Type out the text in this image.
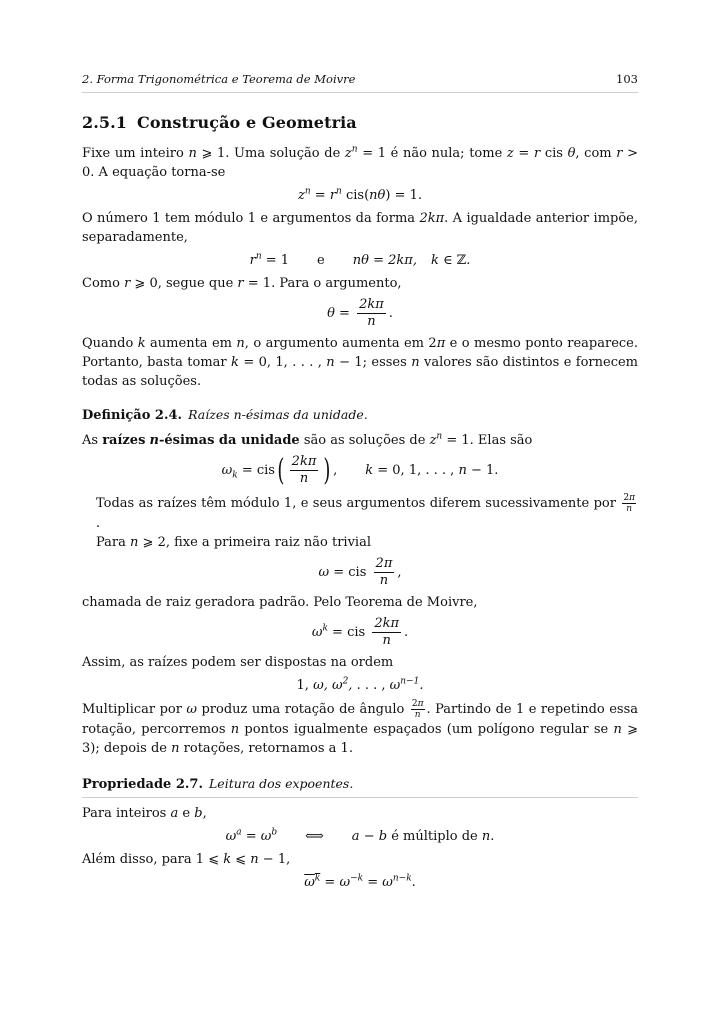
2. Forma Trigonométrica e Teorema de Moivre	103
2.5.1 Construção e Geometria

Fixe um inteiro n ⩾ 1. Uma solução de $z^n = 1$ é não nula; tome z = r cis θ, com r > 0. A equação torna-se

$z^n = r^n$ cis(nθ) = 1.

O número 1 tem módulo 1 e argumentos da forma 2kπ. A igualdade anterior impõe, separadamente,

$r^n = 1$ e nθ = 2kπ, k ∈ ℤ.

Como r ⩾ 0, segue que r = 1. Para o argumento,

$\theta = \frac{2k\pi}{n}$ .

Quando k aumenta em n, o argumento aumenta em 2π e o mesmo ponto reaparece. Portanto, basta tomar k = 0, 1, . . . , n − 1; esses n valores são distintos e fornecem todas as soluções.

Definição 2.4. Raízes n-ésimas da unidade.

As raízes n-ésimas da unidade são as soluções de $z^n = 1$. Elas são

$\omega_k = cis( \frac{2k\pi}{n}$ ) , k = 0, 1, . . . , n − 1.

Todas as raízes têm módulo 1, e seus argumentos diferem sucessivamente por $\frac{2\pi}{n}$
.

Para n ⩾ 2, fixe a primeira raiz não trivial

ω = cis $\frac{2\pi}{n}$ ,

chamada de raiz geradora padrão. Pelo Teorema de Moivre,

$\omega^k$ = cis $\frac{2k\pi}{n}$ .

Assim, as raízes podem ser dispostas na ordem

1, ω, $\omega^2$, . . . , $\omega^{n-1}$.

Multiplicar por ω produz uma rotação de ângulo $\frac{2\pi}{n}$ . Partindo de 1 e repetindo essa rotação, percorremos n pontos igualmente espaçados (um polígono regular se n ⩾ 3); depois de n rotações, retornamos a 1.

Propriedade 2.7. Leitura dos expoentes.

Para inteiros a e b,

$\omega^a = \omega^b$ ⟺ a − b é múltiplo de n.

Além disso, para 1 ⩽ k ⩽ n − 1,

$\omega^k = \omega^{-k} = \omega^{n-k}$.
